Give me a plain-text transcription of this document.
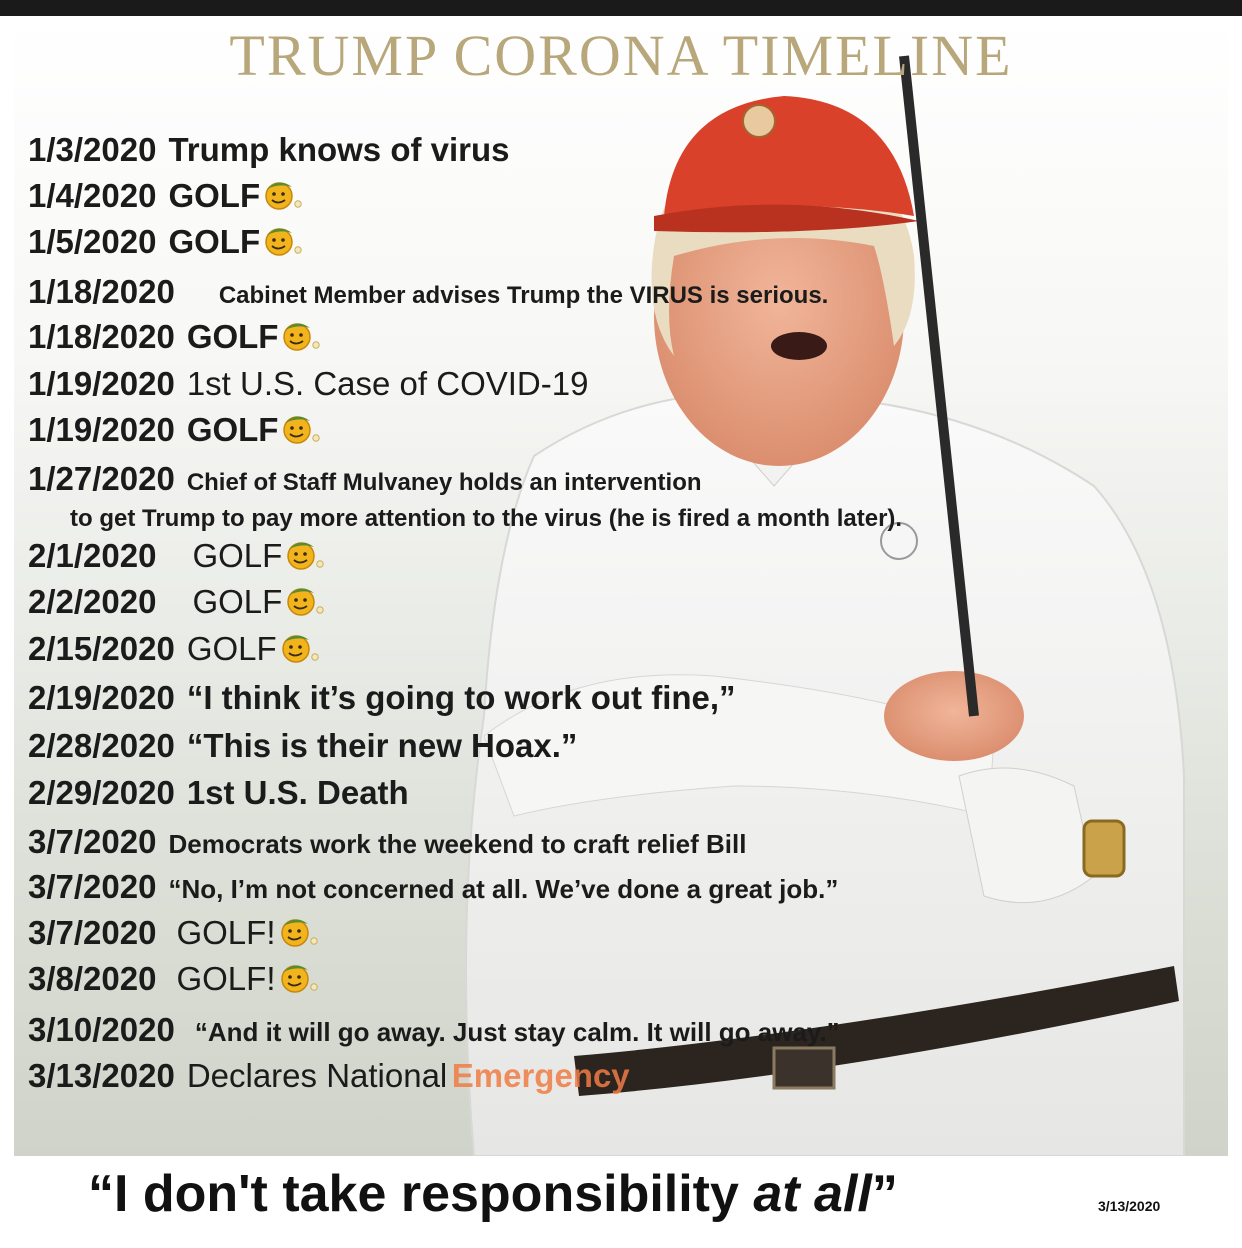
TRUMP CORONA TIMELINE
1/3/2020 Trump knows of virus
1/4/2020 GOLF
1/5/2020 GOLF
1/18/2020 Cabinet Member advises Trump the VIRUS is serious.
1/18/2020 GOLF
1/19/2020 1st U.S. Case of COVID-19
1/19/2020 GOLF
1/27/2020 Chief of Staff Mulvaney holds an intervention
to get Trump to pay more attention to the virus (he is fired a month later).
2/1/2020 GOLF
2/2/2020 GOLF
2/15/2020 GOLF
2/19/2020 “I think it’s going to work out fine,”
2/28/2020 “This is their new Hoax.”
2/29/2020 1st U.S. Death
3/7/2020 Democrats work the weekend to craft relief Bill
3/7/2020 “No, I’m not concerned at all. We’ve done a great job.”
3/7/2020 GOLF!
3/8/2020 GOLF!
3/10/2020 “And it will go away. Just stay calm. It will go away.”
3/13/2020 Declares National Emergency
“I don't take responsibility at all”	3/13/2020
